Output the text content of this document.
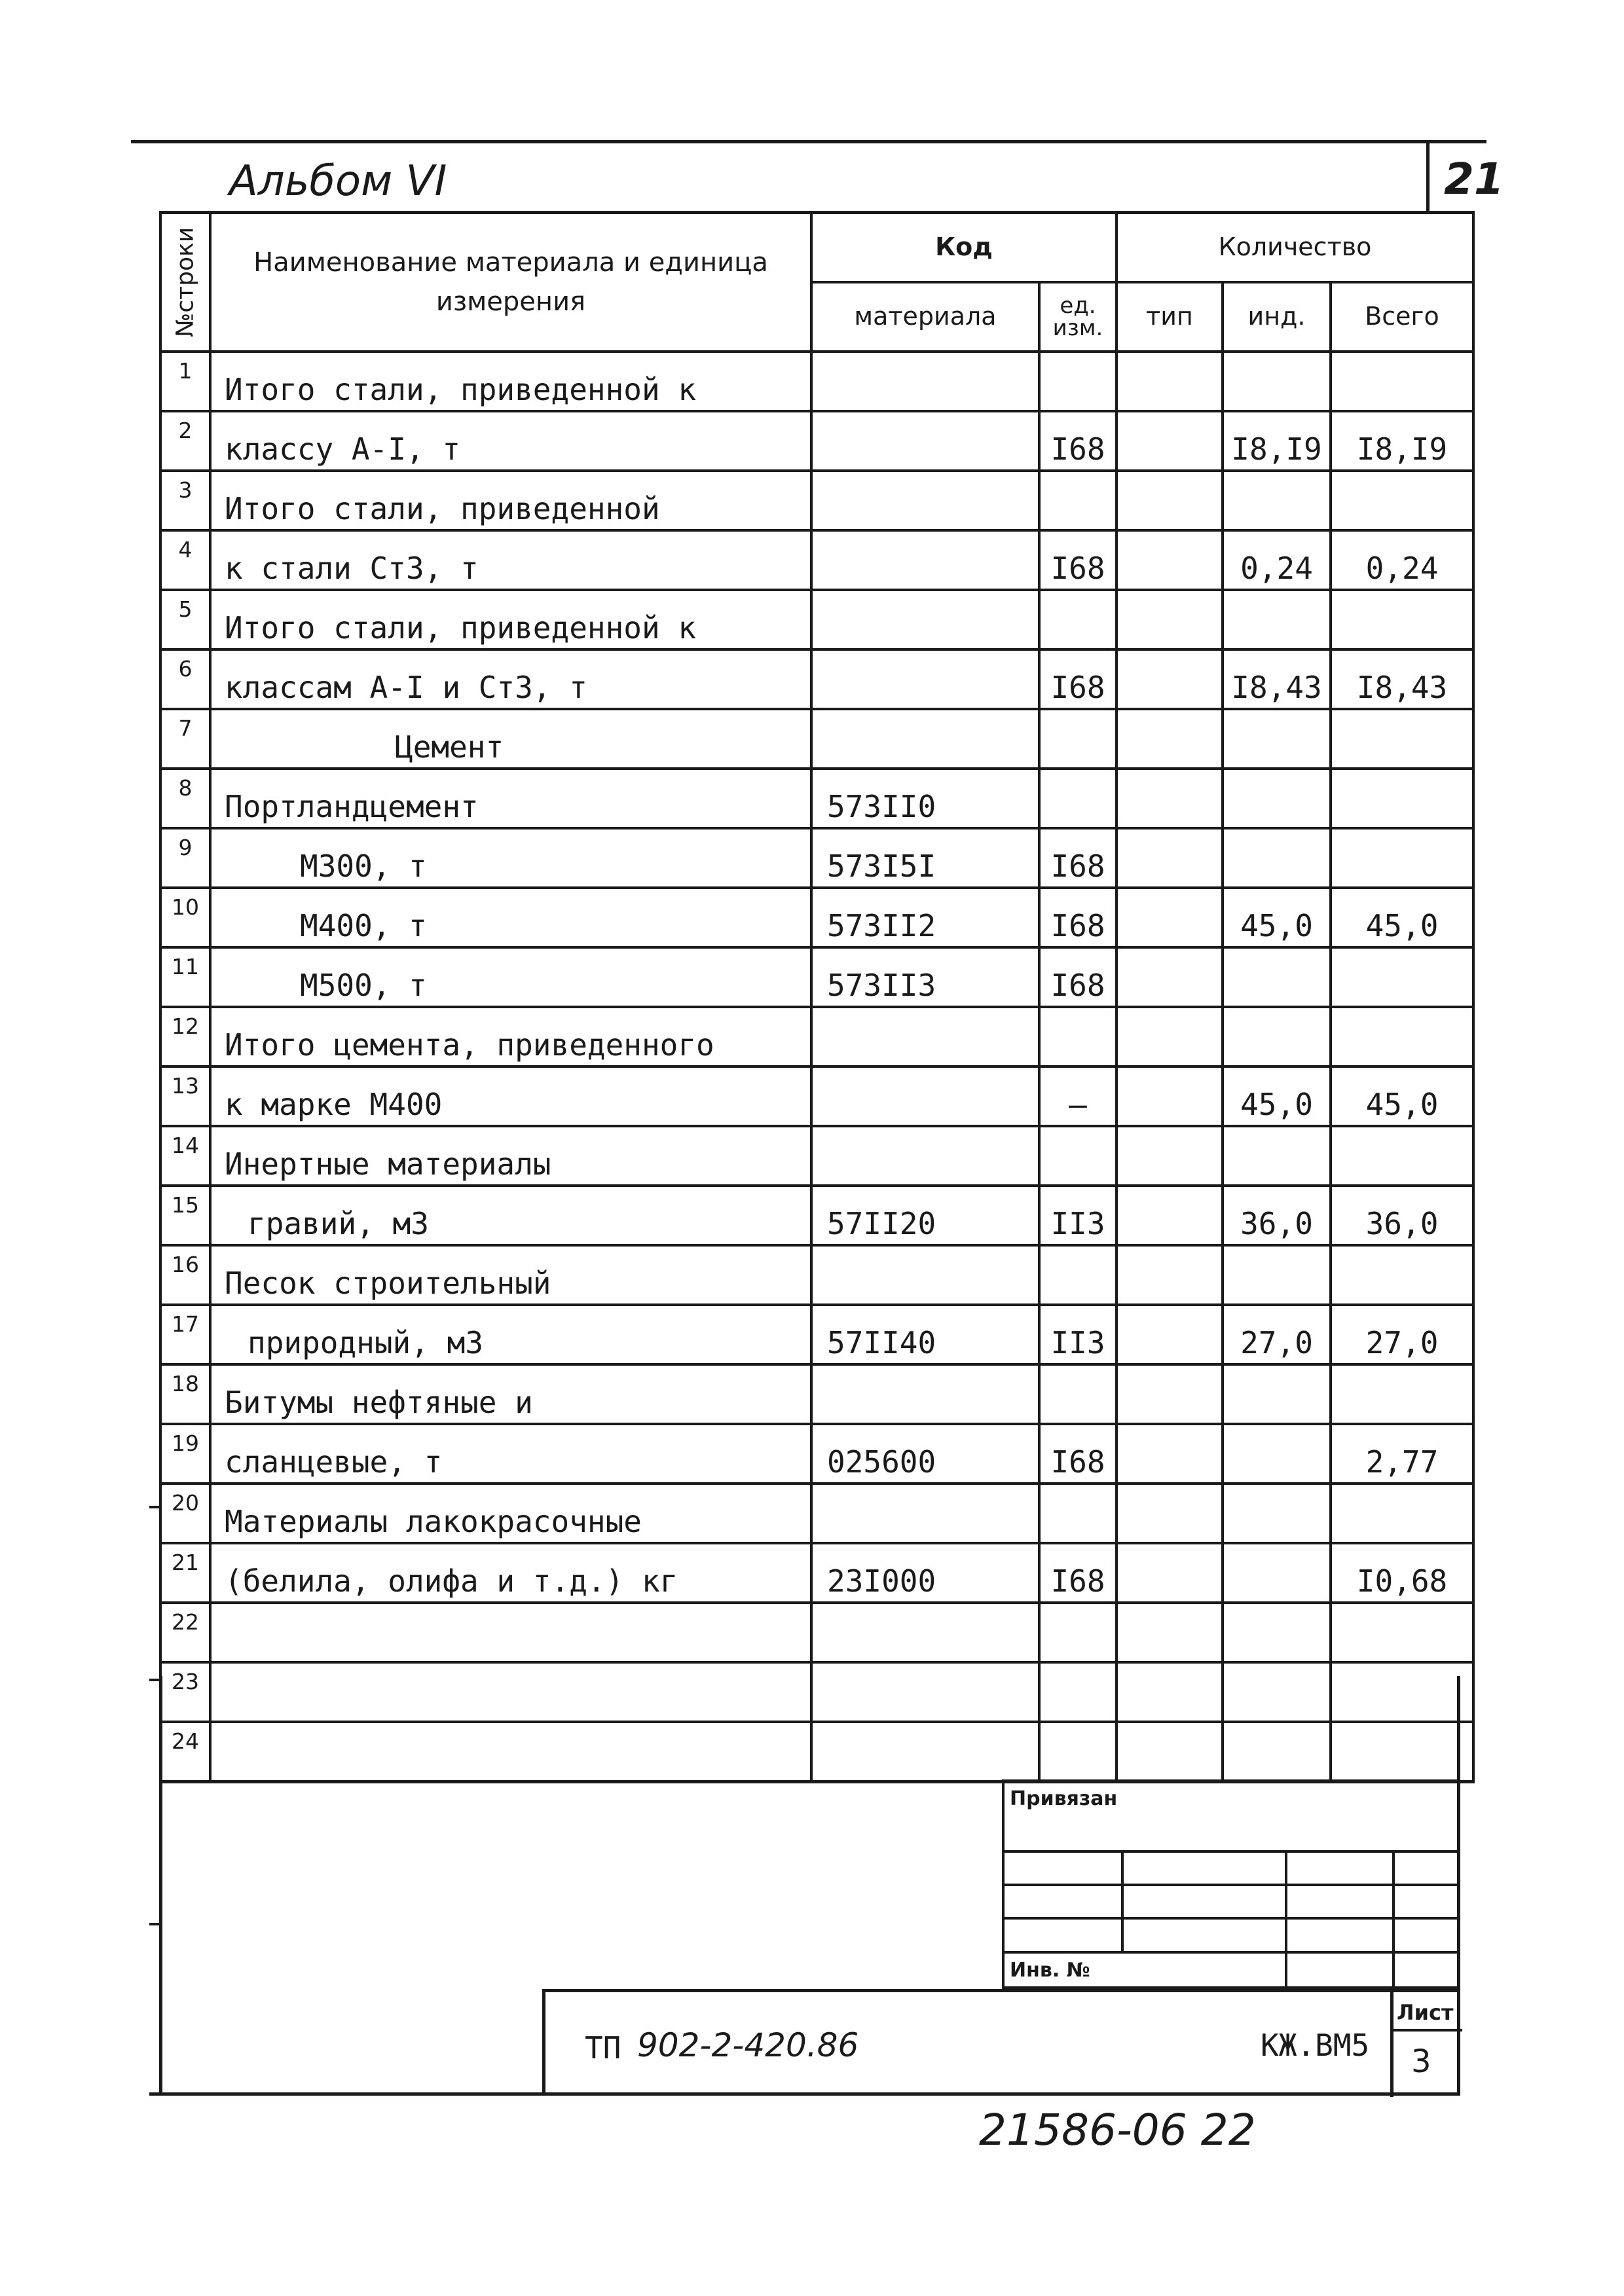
Альбом VI	21
№строки	Наименование материала и единица измерения	Код		Количество		
		материала	ед. изм.	тип	инд.	Всего
1	Итого стали, приведенной к					
2	классу А-I, т		I68		I8,I9	I8,I9
3	Итого стали, приведенной					
4	к стали Ст3, т		I68		0,24	0,24
5	Итого стали, приведенной к					
6	классам А-I и Ст3, т		I68		I8,43	I8,43
7	Цемент					
8	Портландцемент	573II0				
9	М300, т	573I5I	I68			
10	М400, т	573II2	I68		45,0	45,0
11	М500, т	573II3	I68			
12	Итого цемента, приведенного					
13	к марке М400		–		45,0	45,0
14	Инертные материалы					
15	гравий, м3	57II20	II3		36,0	36,0
16	Песок строительный					
17	природный, м3	57II40	II3		27,0	27,0
18	Битумы нефтяные и					
19	сланцевые, т	025600	I68			2,77
20	Материалы лакокрасочные					
21	(белила, олифа и т.д.) кг	23I000	I68			I0,68
22						
23						
24						
Привязан
Инв. №
ТП 902-2-420.86	КЖ.ВМ5
Лист
3
21586-06 22
